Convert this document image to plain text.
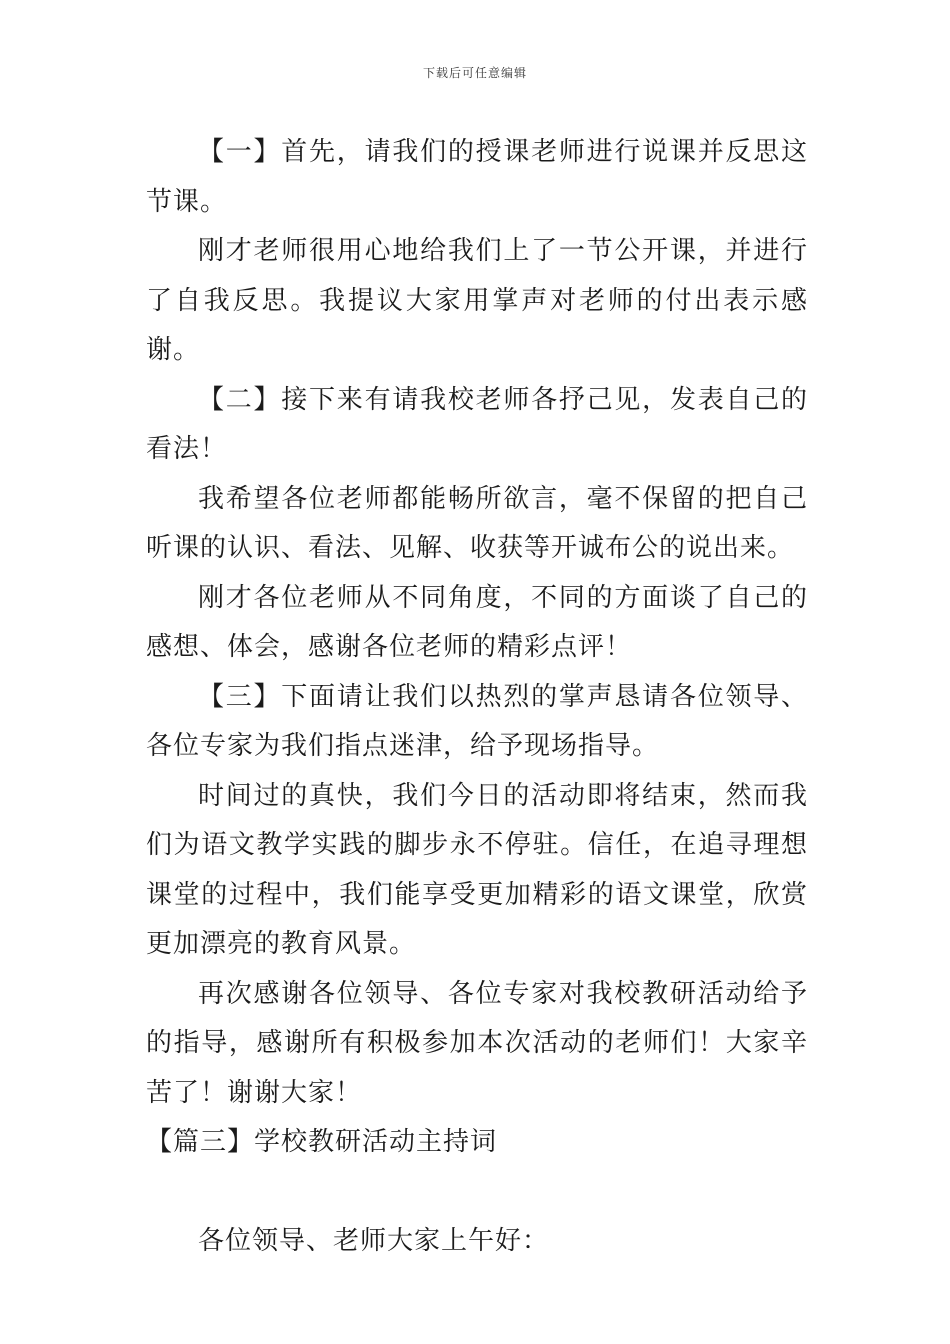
下载后可任意编辑

【一】首先，请我们的授课老师进行说课并反思这节课。

刚才老师很用心地给我们上了一节公开课，并进行了自我反思。我提议大家用掌声对老师的付出表示感谢。

【二】接下来有请我校老师各抒己见，发表自己的看法！

我希望各位老师都能畅所欲言，毫不保留的把自己听课的认识、看法、见解、收获等开诚布公的说出来。

刚才各位老师从不同角度，不同的方面谈了自己的感想、体会，感谢各位老师的精彩点评！

【三】下面请让我们以热烈的掌声恳请各位领导、各位专家为我们指点迷津，给予现场指导。

时间过的真快，我们今日的活动即将结束，然而我们为语文教学实践的脚步永不停驻。信任，在追寻理想课堂的过程中，我们能享受更加精彩的语文课堂，欣赏更加漂亮的教育风景。

再次感谢各位领导、各位专家对我校教研活动给予的指导，感谢所有积极参加本次活动的老师们！大家辛苦了！谢谢大家！

【篇三】学校教研活动主持词

各位领导、老师大家上午好：
